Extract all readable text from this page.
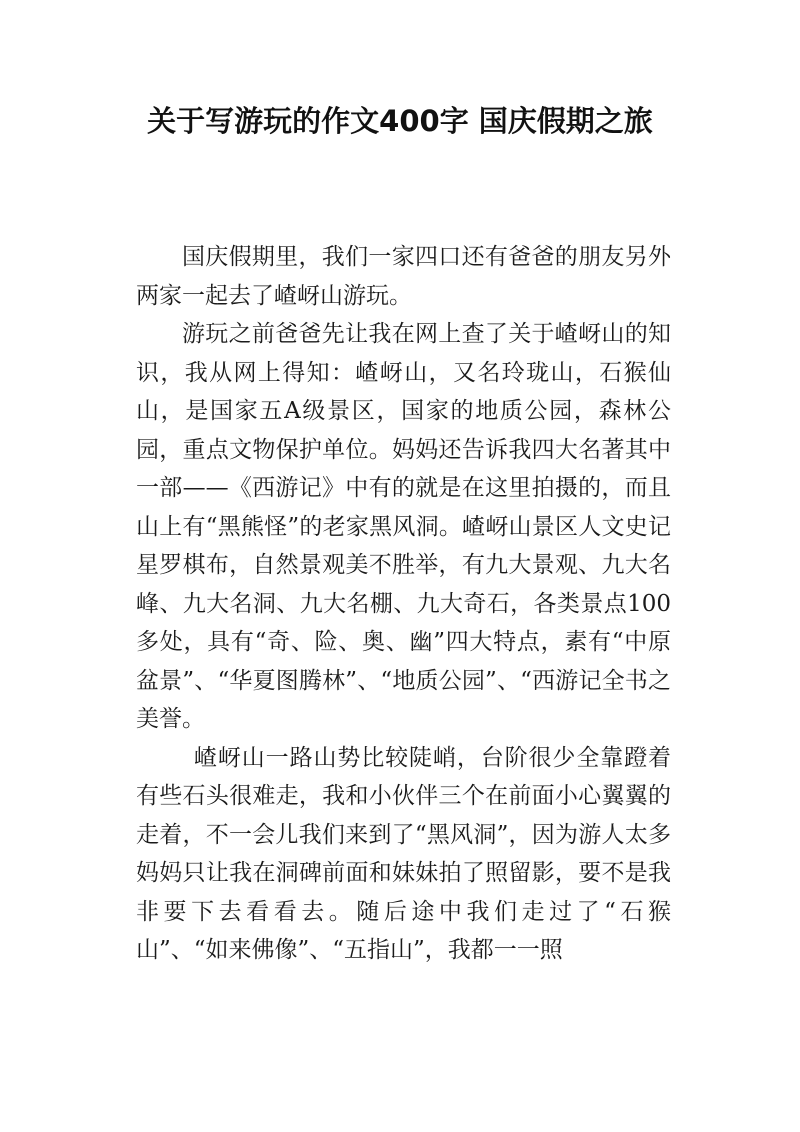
关于写游玩的作文400字 国庆假期之旅

国庆假期里，我们一家四口还有爸爸的朋友另外两家一起去了嵖岈山游玩。

游玩之前爸爸先让我在网上查了关于嵖岈山的知识，我从网上得知：嵖岈山，又名玲珑山，石猴仙山，是国家五A级景区，国家的地质公园，森林公园，重点文物保护单位。妈妈还告诉我四大名著其中一部——《西游记》中有的就是在这里拍摄的，而且山上有“黑熊怪”的老家黑风洞。嵖岈山景区人文史记星罗棋布，自然景观美不胜举，有九大景观、九大名峰、九大名洞、九大名棚、九大奇石，各类景点100多处，具有“奇、险、奥、幽”四大特点，素有“中原盆景”、“华夏图腾林”、“地质公园”、“西游记全书之美誉。

嵖岈山一路山势比较陡峭，台阶很少全靠蹬着有些石头很难走，我和小伙伴三个在前面小心翼翼的走着，不一会儿我们来到了“黑风洞”，因为游人太多妈妈只让我在洞碑前面和妹妹拍了照留影，要不是我非要下去看看去。随后途中我们走过了“石猴山”、“如来佛像”、“五指山”，我都一一照
